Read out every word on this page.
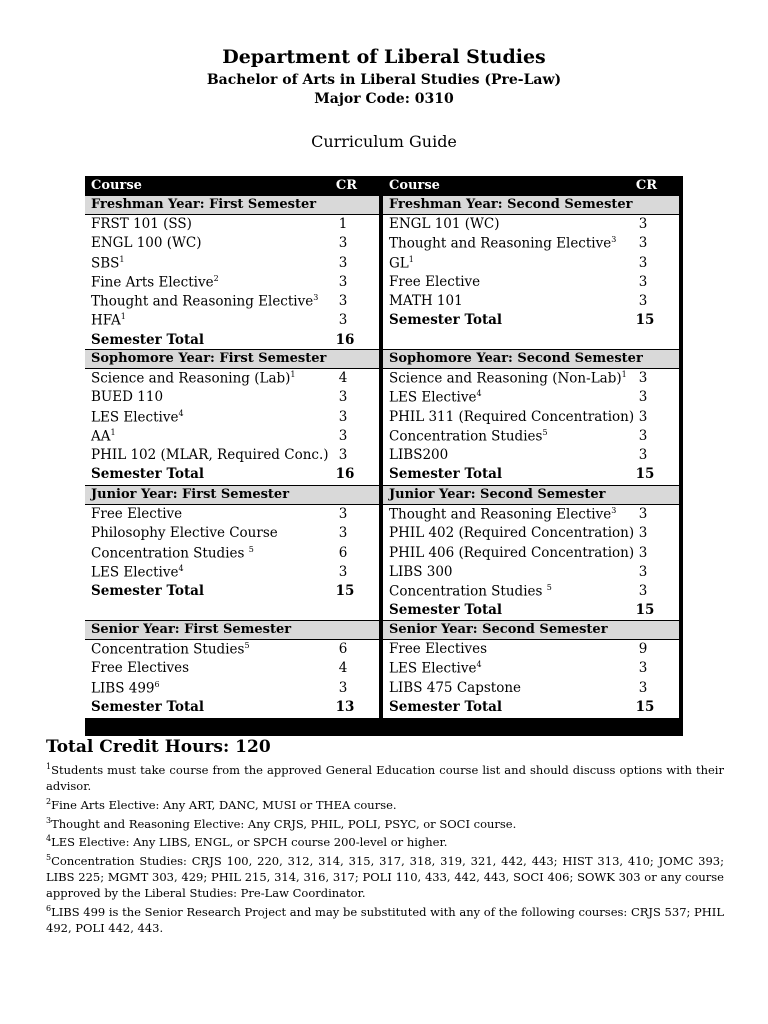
Department of Liberal Studies
Bachelor of Arts in Liberal Studies (Pre-Law)
Major Code: 0310
Curriculum Guide
Course	CR
Freshman Year: First Semester
FRST 101 (SS)	1
ENGL 100 (WC)	3
SBS$^1$	3
Fine Arts Elective$^2$	3
Thought and Reasoning Elective$^3$	3
HFA$^1$	3
Semester Total	16
Sophomore Year: First Semester
Science and Reasoning (Lab)$^1$	4
BUED 110	3
LES Elective$^4$	3
$AA^1$	3
PHIL 102 (MLAR, Required Conc.) 3
Semester Total	16
Junior Year: First Semester
Free Elective	3
Philosophy Elective Course	3
Concentration Studies $^5$	6
LES Elective$^4$	3
Semester Total	15
Senior Year: First Semester
Concentration Studies$^5$	6
Free Electives	4
LIBS $499^6$	3
Semester Total	13
Course	CR
Freshman Year: Second Semester
ENGL 101 (WC)	3
Thought and Reasoning Elective$^3$	3
$GL^1$	3
Free Elective	3
MATH 101	3
Semester Total	15
Sophomore Year: Second Semester
Science and Reasoning $(Non-Lab)^1$ 3
LES Elective$^4$	3
PHIL 311 (Required Concentration) 3
Concentration Studies$^5$	3
LIBS200	3
Semester Total	15
Junior Year: Second Semester
Thought and Reasoning Elective$^3$	3
PHIL 402 (Required Concentration) 3
PHIL 406 (Required Concentration) 3
LIBS 300	3
Concentration Studies $^5$	3
Semester Total	15
Senior Year: Second Semester
Free Electives	9
LES Elective$^4$	3
LIBS 475 Capstone	3
Semester Total	15
Total Credit Hours: 120

$^1$Students must take course from the approved General Education course list and should discuss options with their advisor.

$^2$Fine Arts Elective: Any ART, DANC, MUSI or THEA course.

$^3$Thought and Reasoning Elective: Any CRJS, PHIL, POLI, PSYC, or SOCI course.

$^4$LES Elective: Any LIBS, ENGL, or SPCH course 200-level or higher.

$^5$Concentration Studies: CRJS 100, 220, 312, 314, 315, 317, 318, 319, 321, 442, 443; HIST 313, 410; JOMC 393; LIBS 225; MGMT 303, 429; PHIL 215, 314, 316, 317; POLI 110, 433, 442, 443, SOCI 406; SOWK 303 or any course approved by the Liberal Studies: Pre-Law Coordinator.

$^6$LIBS 499 is the Senior Research Project and may be substituted with any of the following courses: CRJS 537; PHIL 492, POLI 442, 443.
